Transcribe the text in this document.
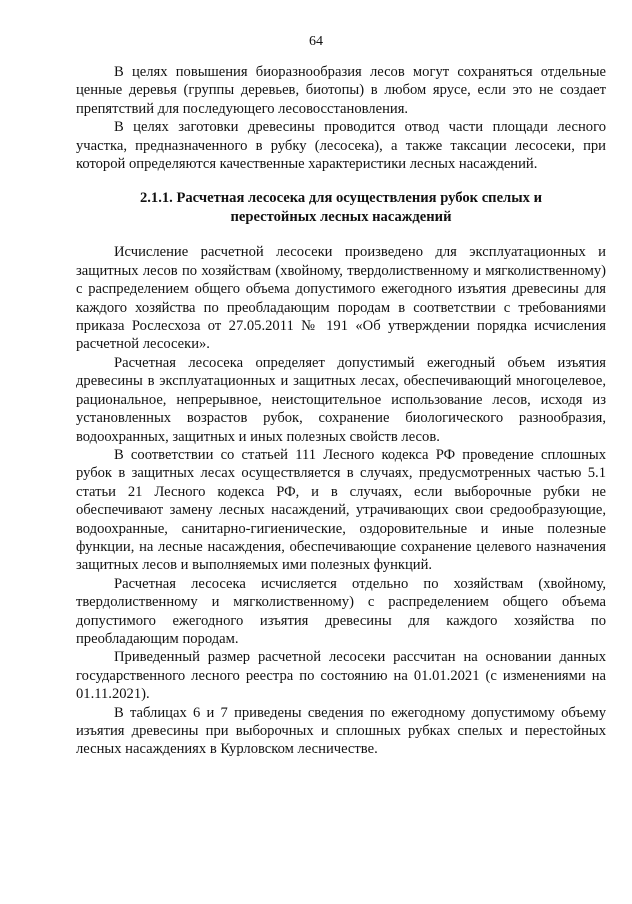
64

В целях повышения биоразнообразия лесов могут сохраняться отдельные ценные деревья (группы деревьев, биотопы) в любом ярусе, если это не создает препятствий для последующего лесовосстановления.

В целях заготовки древесины проводится отвод части площади лесного участка, предназначенного в рубку (лесосека), а также таксации лесосеки, при которой определяются качественные характеристики лесных насаждений.

2.1.1. Расчетная лесосека для осуществления рубок спелых и
перестойных лесных насаждений

Исчисление расчетной лесосеки произведено для эксплуатационных и защитных лесов по хозяйствам (хвойному, твердолиственному и мягколиственному) с распределением общего объема допустимого ежегодного изъятия древесины для каждого хозяйства по преобладающим породам в соответствии с требованиями приказа Рослесхоза от 27.05.2011 № 191 «Об утверждении порядка исчисления расчетной лесосеки».

Расчетная лесосека определяет допустимый ежегодный объем изъятия древесины в эксплуатационных и защитных лесах, обеспечивающий многоцелевое, рациональное, непрерывное, неистощительное использование лесов, исходя из установленных возрастов рубок, сохранение биологического разнообразия, водоохранных, защитных и иных полезных свойств лесов.

В соответствии со статьей 111 Лесного кодекса РФ проведение сплошных рубок в защитных лесах осуществляется в случаях, предусмотренных частью 5.1 статьи 21 Лесного кодекса РФ, и в случаях, если выборочные рубки не обеспечивают замену лесных насаждений, утрачивающих свои средообразующие, водоохранные, санитарно-гигиенические, оздоровительные и иные полезные функции, на лесные насаждения, обеспечивающие сохранение целевого назначения защитных лесов и выполняемых ими полезных функций.

Расчетная лесосека исчисляется отдельно по хозяйствам (хвойному, твердолиственному и мягколиственному) с распределением общего объема допустимого ежегодного изъятия древесины для каждого хозяйства по преобладающим породам.

Приведенный размер расчетной лесосеки рассчитан на основании данных государственного лесного реестра по состоянию на 01.01.2021 (с изменениями на 01.11.2021).

В таблицах 6 и 7 приведены сведения по ежегодному допустимому объему изъятия древесины при выборочных и сплошных рубках спелых и перестойных лесных насаждениях в Курловском лесничестве.
